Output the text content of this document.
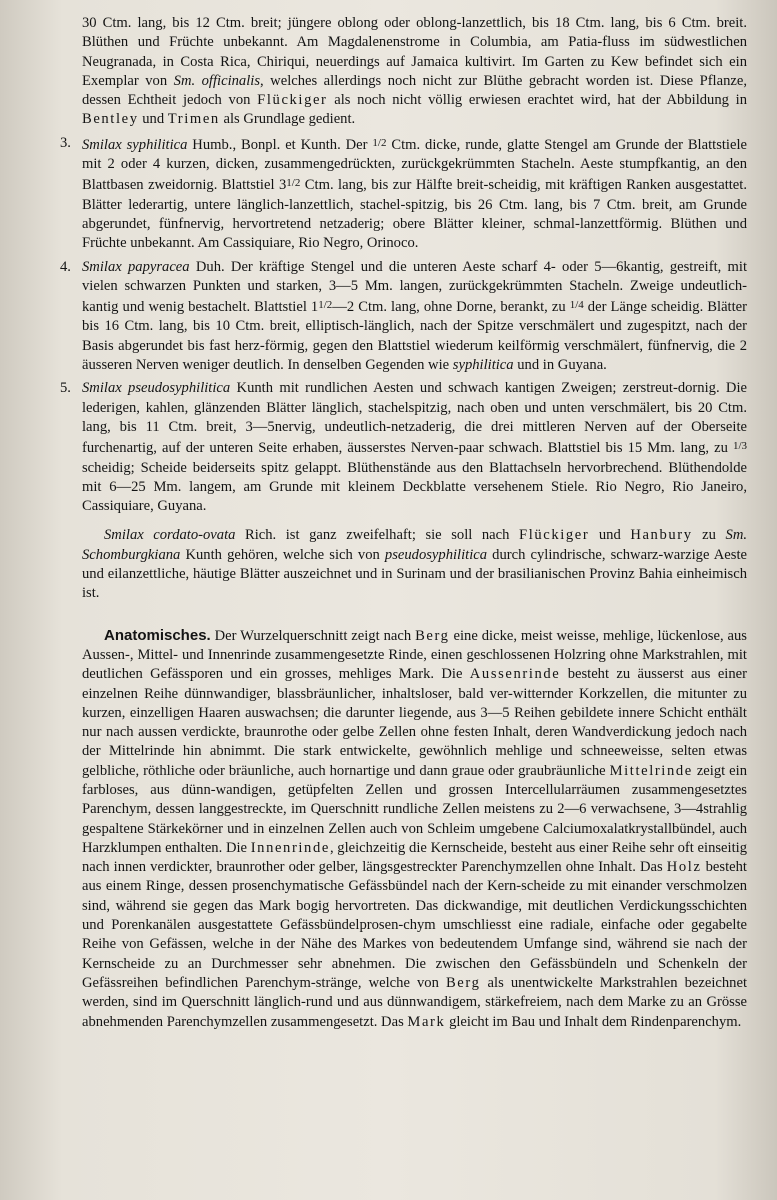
30 Ctm. lang, bis 12 Ctm. breit; jüngere oblong oder oblong-lanzettlich, bis 18 Ctm. lang, bis 6 Ctm. breit. Blüthen und Früchte unbekannt. Am Magdalenenstrome in Columbia, am Patia-fluss im südwestlichen Neugranada, in Costa Rica, Chiriqui, neuerdings auf Jamaica kultivirt. Im Garten zu Kew befindet sich ein Exemplar von Sm. officinalis, welches allerdings noch nicht zur Blüthe gebracht worden ist. Diese Pflanze, dessen Echtheit jedoch von Flückiger als noch nicht völlig erwiesen erachtet wird, hat der Abbildung in Bentley und Trimen als Grundlage gedient.

3. Smilax syphilitica Humb., Bonpl. et Kunth. Der $^{1/2}$ Ctm. dicke, runde, glatte Stengel am Grunde der Blattstiele mit 2 oder 4 kurzen, dicken, zusammengedrückten, zurückgekrümmten Stacheln. Aeste stumpfkantig, an den Blattbasen zweidornig. Blattstiel $3^{1/2}$ Ctm. lang, bis zur Hälfte breit-scheidig, mit kräftigen Ranken ausgestattet. Blätter lederartig, untere länglich-lanzettlich, stachel-spitzig, bis 26 Ctm. lang, bis 7 Ctm. breit, am Grunde abgerundet, fünfnervig, hervortretend netzaderig; obere Blätter kleiner, schmal-lanzettförmig. Blüthen und Früchte unbekannt. Am Cassiquiare, Rio Negro, Orinoco.

4. Smilax papyracea Duh. Der kräftige Stengel und die unteren Aeste scharf 4- oder 5—6kantig, gestreift, mit vielen schwarzen Punkten und starken, 3—5 Mm. langen, zurückgekrümmten Stacheln. Zweige undeutlich-kantig und wenig bestachelt. Blattstiel $1^{1/2}—2$ Ctm. lang, ohne Dorne, berankt, zu $^{1/4}$ der Länge scheidig. Blätter bis 16 Ctm. lang, bis 10 Ctm. breit, elliptisch-länglich, nach der Spitze verschmälert und zugespitzt, nach der Basis abgerundet bis fast herz-förmig, gegen den Blattstiel wiederum keilförmig verschmälert, fünfnervig, die 2 äusseren Nerven weniger deutlich. In denselben Gegenden wie syphilitica und in Guyana.

5. Smilax pseudosyphilitica Kunth mit rundlichen Aesten und schwach kantigen Zweigen; zerstreut-dornig. Die lederigen, kahlen, glänzenden Blätter länglich, stachelspitzig, nach oben und unten verschmälert, bis 20 Ctm. lang, bis 11 Ctm. breit, 3—5nervig, undeutlich-netzaderig, die drei mittleren Nerven auf der Oberseite furchenartig, auf der unteren Seite erhaben, äusserstes Nerven-paar schwach. Blattstiel bis 15 Mm. lang, zu $^{1/3}$ scheidig; Scheide beiderseits spitz gelappt. Blüthenstände aus den Blattachseln hervorbrechend. Blüthendolde mit 6—25 Mm. langem, am Grunde mit kleinem Deckblatte versehenem Stiele. Rio Negro, Rio Janeiro, Cassiquiare, Guyana.

Smilax cordato-ovata Rich. ist ganz zweifelhaft; sie soll nach Flückiger und Hanbury zu Sm. Schomburgkiana Kunth gehören, welche sich von pseudosyphilitica durch cylindrische, schwarz-warzige Aeste und eilanzettliche, häutige Blätter auszeichnet und in Surinam und der brasilianischen Provinz Bahia einheimisch ist.

Anatomisches. Der Wurzelquerschnitt zeigt nach Berg eine dicke, meist weisse, mehlige, lückenlose, aus Aussen-, Mittel- und Innenrinde zusammengesetzte Rinde, einen geschlossenen Holzring ohne Markstrahlen, mit deutlichen Gefässporen und ein grosses, mehliges Mark. Die Aussenrinde besteht zu äusserst aus einer einzelnen Reihe dünnwandiger, blassbräunlicher, inhaltsloser, bald ver-witternder Korkzellen, die mitunter zu kurzen, einzelligen Haaren auswachsen; die darunter liegende, aus 3—5 Reihen gebildete innere Schicht enthält nur nach aussen verdickte, braunrothe oder gelbe Zellen ohne festen Inhalt, deren Wandverdickung jedoch nach der Mittelrinde hin abnimmt. Die stark entwickelte, gewöhnlich mehlige und schneeweisse, selten etwas gelbliche, röthliche oder bräunliche, auch hornartige und dann graue oder graubräunliche Mittelrinde zeigt ein farbloses, aus dünn-wandigen, getüpfelten Zellen und grossen Intercellularräumen zusammengesetztes Parenchym, dessen langgestreckte, im Querschnitt rundliche Zellen meistens zu 2—6 verwachsene, 3—4strahlig gespaltene Stärkekörner und in einzelnen Zellen auch von Schleim umgebene Calciumoxalatkrystallbündel, auch Harzklumpen enthalten. Die Innenrinde, gleichzeitig die Kernscheide, besteht aus einer Reihe sehr oft einseitig nach innen verdickter, braunrother oder gelber, längsgestreckter Parenchymzellen ohne Inhalt. Das Holz besteht aus einem Ringe, dessen prosenchymatische Gefässbündel nach der Kern-scheide zu mit einander verschmolzen sind, während sie gegen das Mark bogig hervortreten. Das dickwandige, mit deutlichen Verdickungsschichten und Porenkanälen ausgestattete Gefässbündelprosen-chym umschliesst eine radiale, einfache oder gegabelte Reihe von Gefässen, welche in der Nähe des Markes von bedeutendem Umfange sind, während sie nach der Kernscheide zu an Durchmesser sehr abnehmen. Die zwischen den Gefässbündeln und Schenkeln der Gefässreihen befindlichen Parenchym-stränge, welche von Berg als unentwickelte Markstrahlen bezeichnet werden, sind im Querschnitt länglich-rund und aus dünnwandigem, stärkefreiem, nach dem Marke zu an Grösse abnehmenden Parenchymzellen zusammengesetzt. Das Mark gleicht im Bau und Inhalt dem Rindenparenchym.
